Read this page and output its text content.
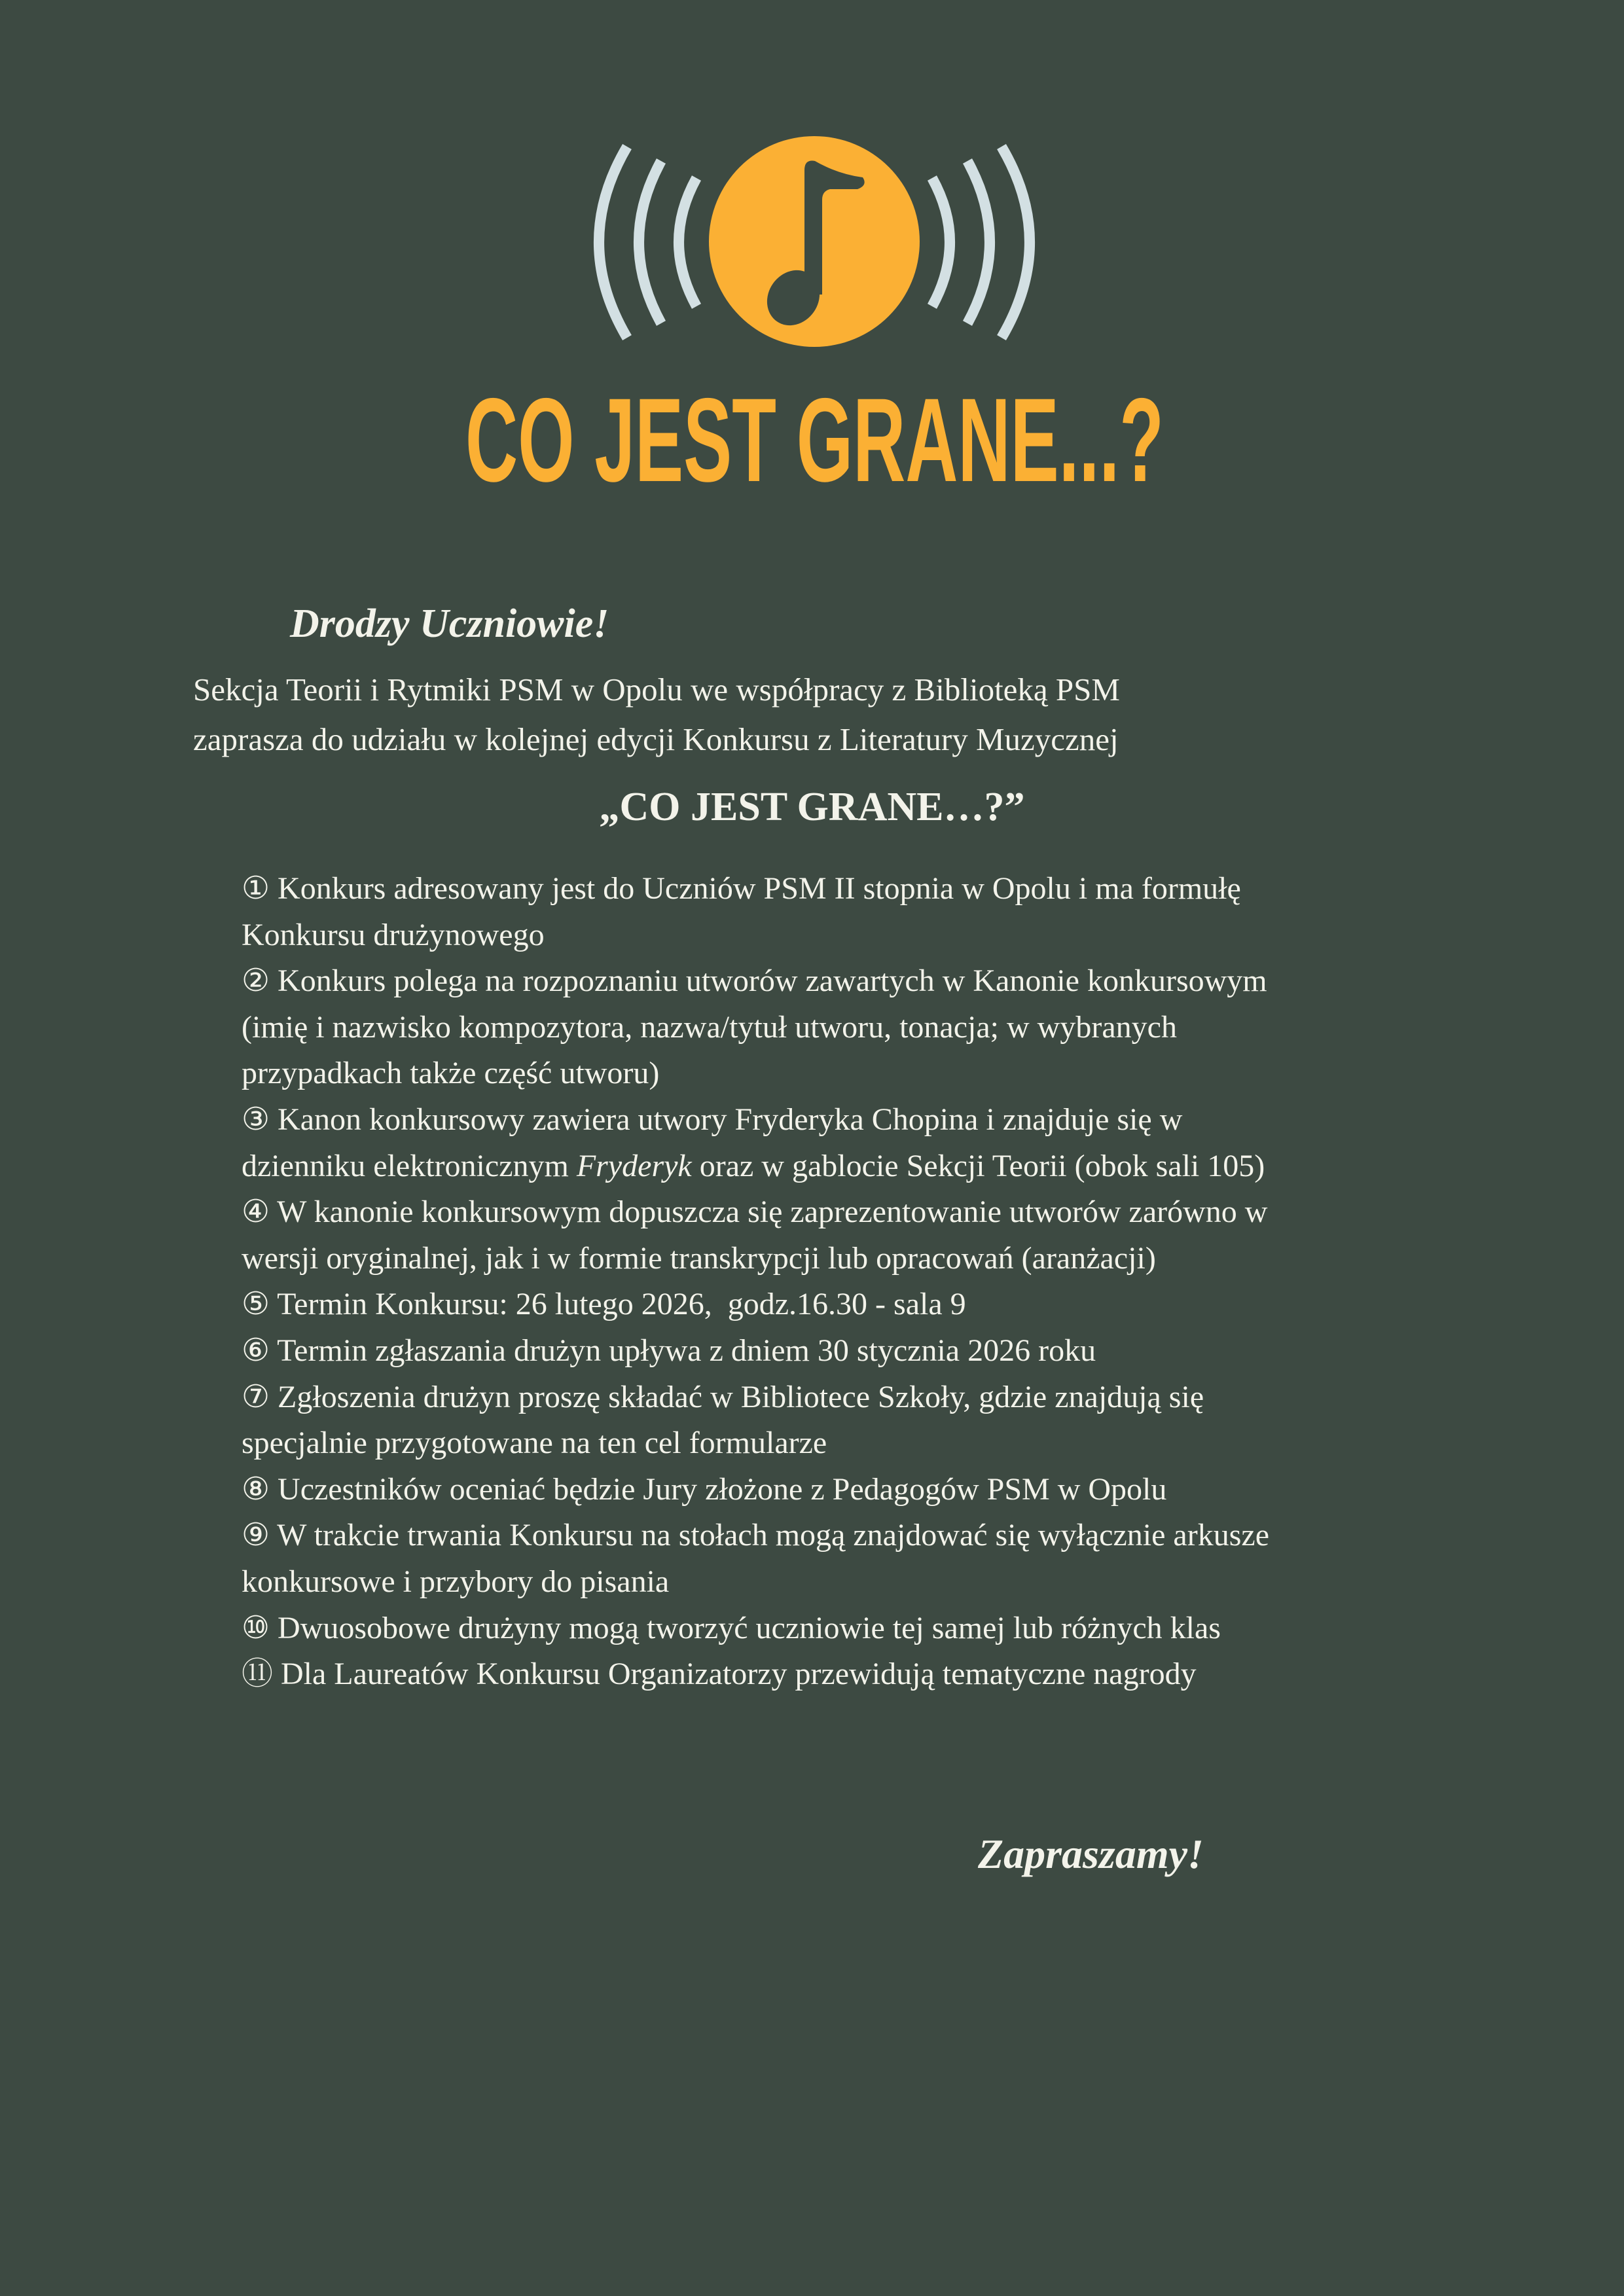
CO JEST GRANE...?
Drodzy Uczniowie!
Sekcja Teorii i Rytmiki PSM w Opolu we współpracy z Biblioteką PSM
zaprasza do udziału w kolejnej edycji Konkursu z Literatury Muzycznej
„CO JEST GRANE…?”
① Konkurs adresowany jest do Uczniów PSM II stopnia w Opolu i ma formułę
Konkursu drużynowego
② Konkurs polega na rozpoznaniu utworów zawartych w Kanonie konkursowym
(imię i nazwisko kompozytora, nazwa/tytuł utworu, tonacja; w wybranych
przypadkach także część utworu)
③ Kanon konkursowy zawiera utwory Fryderyka Chopina i znajduje się w
dzienniku elektronicznym Fryderyk oraz w gablocie Sekcji Teorii (obok sali 105)
④ W kanonie konkursowym dopuszcza się zaprezentowanie utworów zarówno w
wersji oryginalnej, jak i w formie transkrypcji lub opracowań (aranżacji)
⑤ Termin Konkursu: 26 lutego 2026,  godz.16.30 - sala 9
⑥ Termin zgłaszania drużyn upływa z dniem 30 stycznia 2026 roku
⑦ Zgłoszenia drużyn proszę składać w Bibliotece Szkoły, gdzie znajdują się
specjalnie przygotowane na ten cel formularze
⑧ Uczestników oceniać będzie Jury złożone z Pedagogów PSM w Opolu
⑨ W trakcie trwania Konkursu na stołach mogą znajdować się wyłącznie arkusze
konkursowe i przybory do pisania
⑩ Dwuosobowe drużyny mogą tworzyć uczniowie tej samej lub różnych klas
⑪ Dla Laureatów Konkursu Organizatorzy przewidują tematyczne nagrody
Zapraszamy!
